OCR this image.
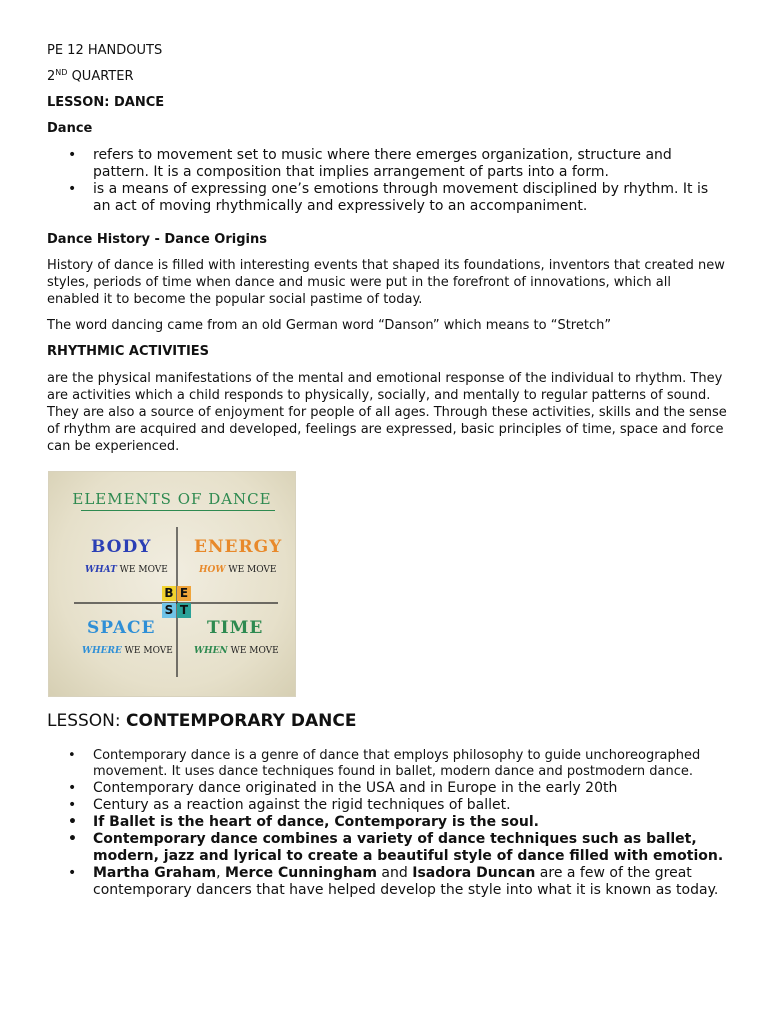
PE 12 HANDOUTS
2ND QUARTER
LESSON: DANCE
Dance
• refers to movement set to music where there emerges organization, structure and pattern. It is a composition that implies arrangement of parts into a form.
• is a means of expressing one’s emotions through movement disciplined by rhythm. It is an act of moving rhythmically and expressively to an accompaniment.
Dance History - Dance Origins

History of dance is filled with interesting events that shaped its foundations, inventors that created new styles, periods of time when dance and music were put in the forefront of innovations, which all enabled it to become the popular social pastime of today.

The word dancing came from an old German word “Danson” which means to “Stretch”

RHYTHMIC ACTIVITIES

are the physical manifestations of the mental and emotional response of the individual to rhythm. They are activities which a child responds to physically, socially, and mentally to regular patterns of sound. They are also a source of enjoyment for people of all ages. Through these activities, skills and the sense of rhythm are acquired and developed, feelings are expressed, basic principles of time, space and force can be experienced.

ELEMENTS OF DANCE
BODY
WHAT WE MOVE
ENERGY
HOW WE MOVE
SPACE
WHERE WE MOVE
TIME
WHEN WE MOVE
B E
S T
LESSON: CONTEMPORARY DANCE
• Contemporary dance is a genre of dance that employs philosophy to guide unchoreographed movement. It uses dance techniques found in ballet, modern dance and postmodern dance.
• Contemporary dance originated in the USA and in Europe in the early 20th
• Century as a reaction against the rigid techniques of ballet.
• If Ballet is the heart of dance, Contemporary is the soul.
• Contemporary dance combines a variety of dance techniques such as ballet, modern, jazz and lyrical to create a beautiful style of dance filled with emotion.
• Martha Graham, Merce Cunningham and Isadora Duncan are a few of the great contemporary dancers that have helped develop the style into what it is known as today.
